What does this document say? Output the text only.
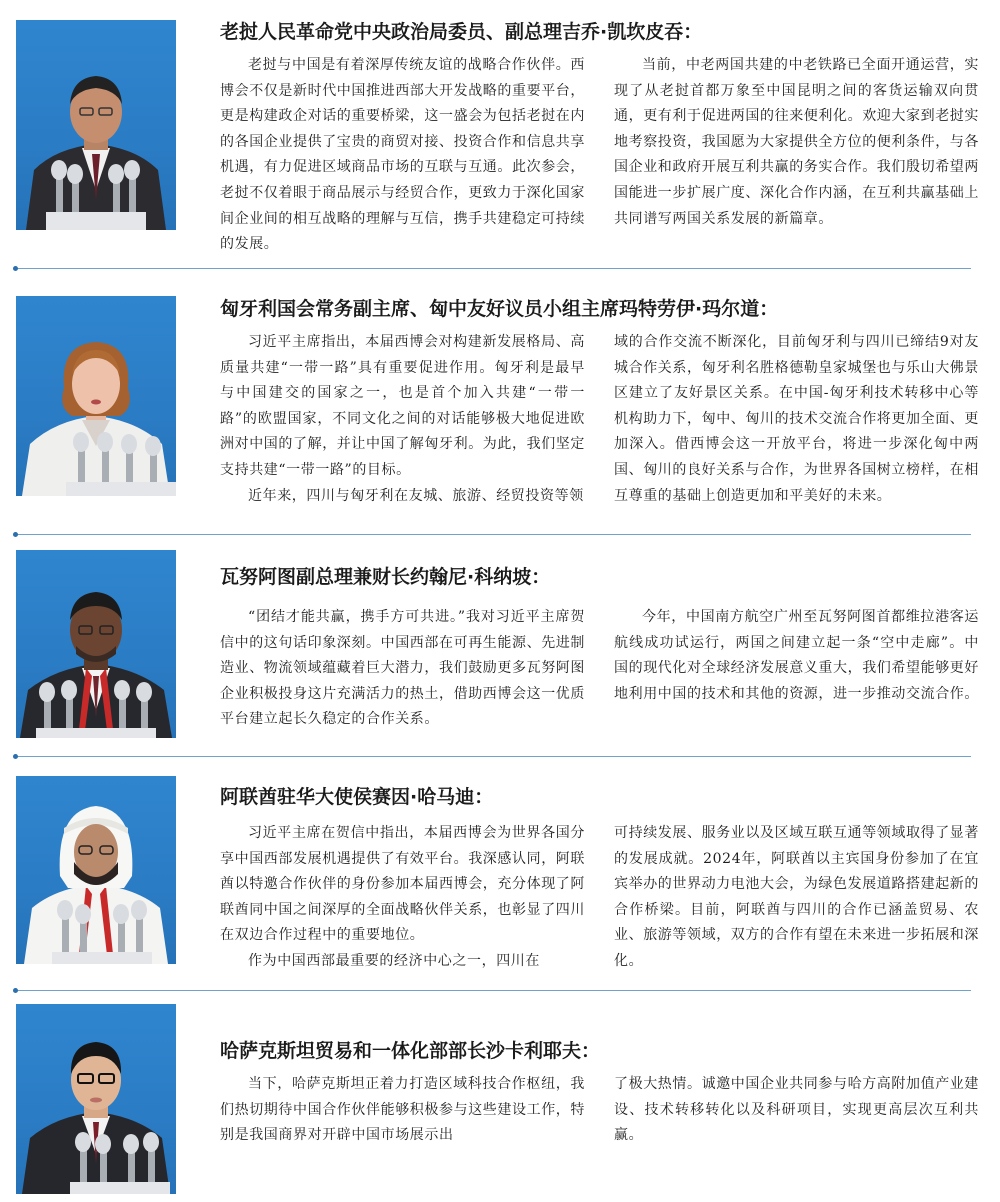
老挝人民革命党中央政治局委员、副总理吉乔·凯坎皮吞：

老挝与中国是有着深厚传统友谊的战略合作伙伴。西博会不仅是新时代中国推进西部大开发战略的重要平台，更是构建政企对话的重要桥梁，这一盛会为包括老挝在内的各国企业提供了宝贵的商贸对接、投资合作和信息共享机遇，有力促进区域商品市场的互联与互通。此次参会，老挝不仅着眼于商品展示与经贸合作，更致力于深化国家间企业间的相互战略的理解与互信，携手共建稳定可持续的发展。

当前，中老两国共建的中老铁路已全面开通运营，实现了从老挝首都万象至中国昆明之间的客货运输双向贯通，更有利于促进两国的往来便利化。欢迎大家到老挝实地考察投资，我国愿为大家提供全方位的便利条件，与各国企业和政府开展互利共赢的务实合作。我们殷切希望两国能进一步扩展广度、深化合作内涵，在互利共赢基础上共同谱写两国关系发展的新篇章。

匈牙利国会常务副主席、匈中友好议员小组主席玛特劳伊·玛尔道：

习近平主席指出，本届西博会对构建新发展格局、高质量共建“一带一路”具有重要促进作用。匈牙利是最早与中国建交的国家之一，也是首个加入共建“一带一路”的欧盟国家，不同文化之间的对话能够极大地促进欧洲对中国的了解，并让中国了解匈牙利。为此，我们坚定支持共建“一带一路”的目标。

近年来，四川与匈牙利在友城、旅游、经贸投资等领

域的合作交流不断深化，目前匈牙利与四川已缔结9对友城合作关系，匈牙利名胜格德勒皇家城堡也与乐山大佛景区建立了友好景区关系。在中国-匈牙利技术转移中心等机构助力下，匈中、匈川的技术交流合作将更加全面、更加深入。借西博会这一开放平台，将进一步深化匈中两国、匈川的良好关系与合作，为世界各国树立榜样，在相互尊重的基础上创造更加和平美好的未来。

瓦努阿图副总理兼财长约翰尼·科纳坡：

“团结才能共赢，携手方可共进。”我对习近平主席贺信中的这句话印象深刻。中国西部在可再生能源、先进制造业、物流领域蕴藏着巨大潜力，我们鼓励更多瓦努阿图企业积极投身这片充满活力的热土，借助西博会这一优质平台建立起长久稳定的合作关系。

今年，中国南方航空广州至瓦努阿图首都维拉港客运航线成功试运行，两国之间建立起一条“空中走廊”。中国的现代化对全球经济发展意义重大，我们希望能够更好地利用中国的技术和其他的资源，进一步推动交流合作。

阿联酋驻华大使侯赛因·哈马迪：

习近平主席在贺信中指出，本届西博会为世界各国分享中国西部发展机遇提供了有效平台。我深感认同，阿联酋以特邀合作伙伴的身份参加本届西博会，充分体现了阿联酋同中国之间深厚的全面战略伙伴关系，也彰显了四川在双边合作过程中的重要地位。

作为中国西部最重要的经济中心之一，四川在

可持续发展、服务业以及区域互联互通等领域取得了显著的发展成就。2024年，阿联酋以主宾国身份参加了在宜宾举办的世界动力电池大会，为绿色发展道路搭建起新的合作桥梁。目前，阿联酋与四川的合作已涵盖贸易、农业、旅游等领域，双方的合作有望在未来进一步拓展和深化。

哈萨克斯坦贸易和一体化部部长沙卡利耶夫：

当下，哈萨克斯坦正着力打造区域科技合作枢纽，我们热切期待中国合作伙伴能够积极参与这些建设工作，特别是我国商界对开辟中国市场展示出

了极大热情。诚邀中国企业共同参与哈方高附加值产业建设、技术转移转化以及科研项目，实现更高层次互利共赢。
